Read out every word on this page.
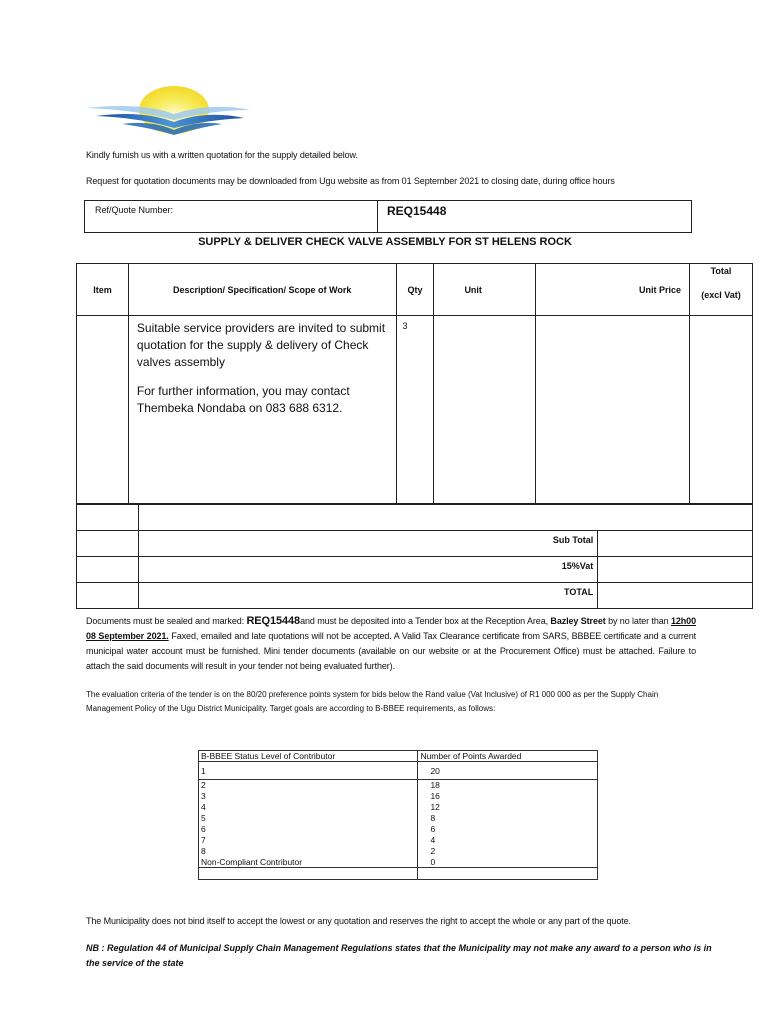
Kindly furnish us with a written quotation for the supply detailed below.
Request for quotation documents may be downloaded from Ugu website as from 01 September 2021 to closing date, during office hours
Ref/Quote Number:	REQ15448
SUPPLY & DELIVER CHECK VALVE ASSEMBLY FOR ST HELENS ROCK
Item	Description/ Specification/ Scope of Work	Qty	Unit	Unit Price	Total
(excl Vat)

	Suitable service providers are invited to submit quotation for the supply & delivery of Check valves assembly
For further information, you may contact Thembeka Nondaba on 083 688 6312.	3			

	Sub Total	
	15%Vat	
	TOTAL	
Documents must be sealed and marked: REQ15448and must be deposited into a Tender box at the Reception Area, Bazley Street by no later than 12h00 08 September 2021. Faxed, emailed and late quotations will not be accepted. A Valid Tax Clearance certificate from SARS, BBBEE certificate and a current municipal water account must be furnished. Mini tender documents (available on our website or at the Procurement Office) must be attached. Failure to attach the said documents will result in your tender not being evaluated further).
The evaluation criteria of the tender is on the 80/20 preference points system for bids below the Rand value (Vat Inclusive) of R1 000 000 as per the Supply Chain Management Policy of the Ugu District Municipality. Target goals are according to B-BBEE requirements, as follows:
B-BBEE Status Level of Contributor	Number of Points Awarded
1	20
2	18
3	16
4	12
5	8
6	6
7	4
8	2
Non-Compliant Contributor	0

The Municipality does not bind itself to accept the lowest or any quotation and reserves the right to accept the whole or any part of the quote.
NB : Regulation 44 of Municipal Supply Chain Management Regulations states that the Municipality may not make any award to a person who is in the service of the state
